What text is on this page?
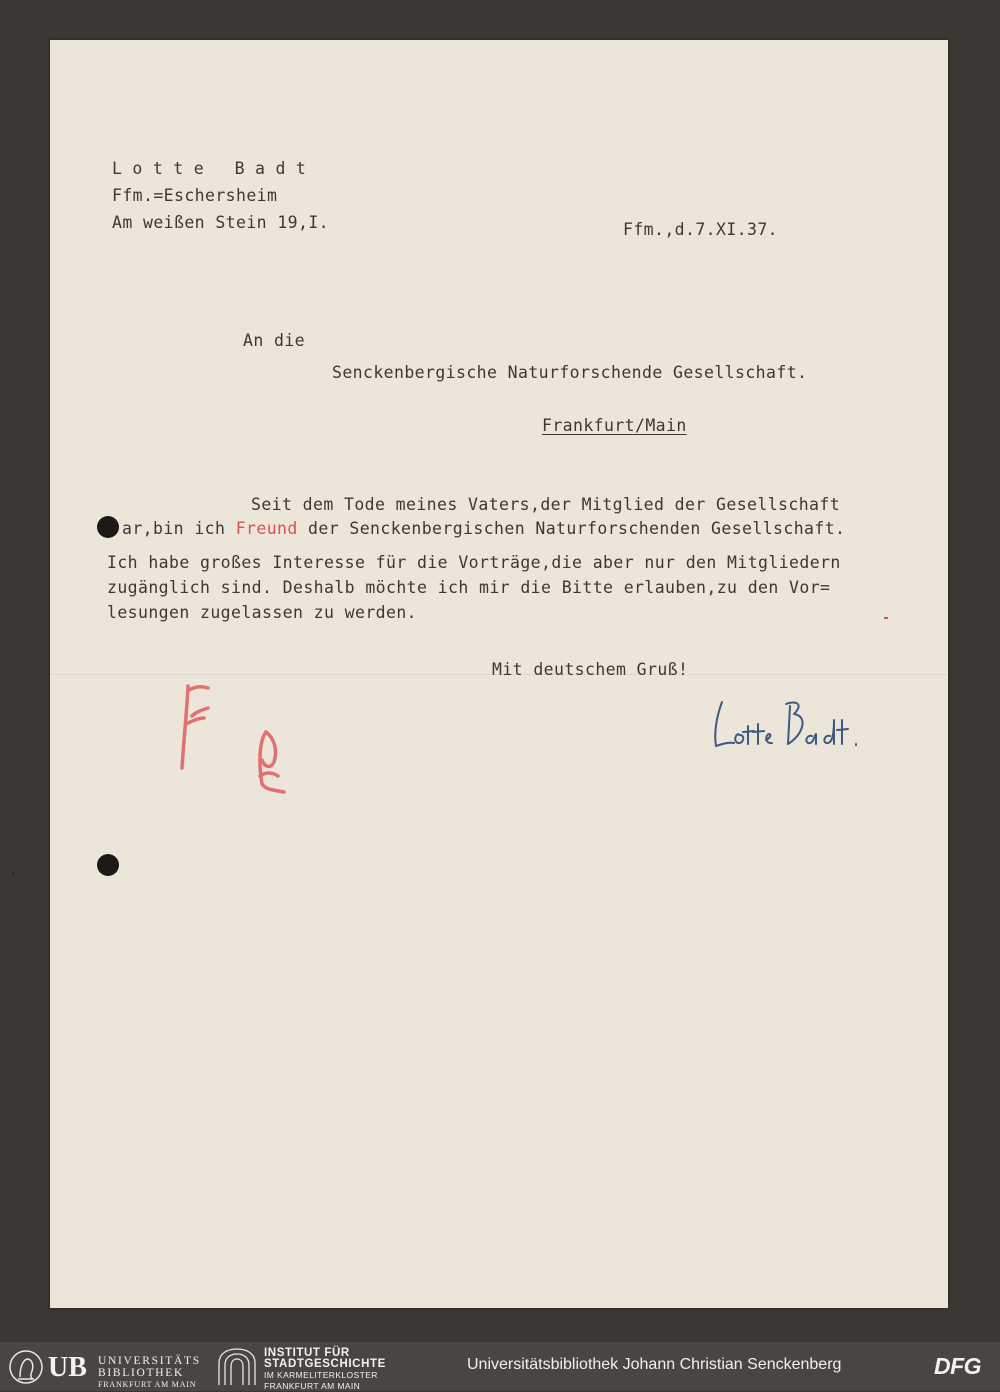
Lotte Badt
Ffm.=Eschersheim
Am weißen Stein 19,I.	Ffm.,d.7.XI.37.
An die
Senckenbergische Naturforschende Gesellschaft.
Frankfurt/Main
Seit dem Tode meines Vaters,der Mitglied der Gesellschaft
ar,bin ich Freund der Senckenbergischen Naturforschenden Gesellschaft.
Ich habe großes Interesse für die Vorträge,die aber nur den Mitgliedern
zugänglich sind. Deshalb möchte ich mir die Bitte erlauben,zu den Vor=
lesungen zugelassen zu werden.
Mit deutschem Gruß!
UB UNIVERSITÄTS
BIBLIOTHEK
FRANKFURT AM MAIN
INSTITUT FÜR
STADTGESCHICHTE
IM KARMELITERKLOSTER
FRANKFURT AM MAIN
Universitätsbibliothek Johann Christian Senckenberg	DFG
